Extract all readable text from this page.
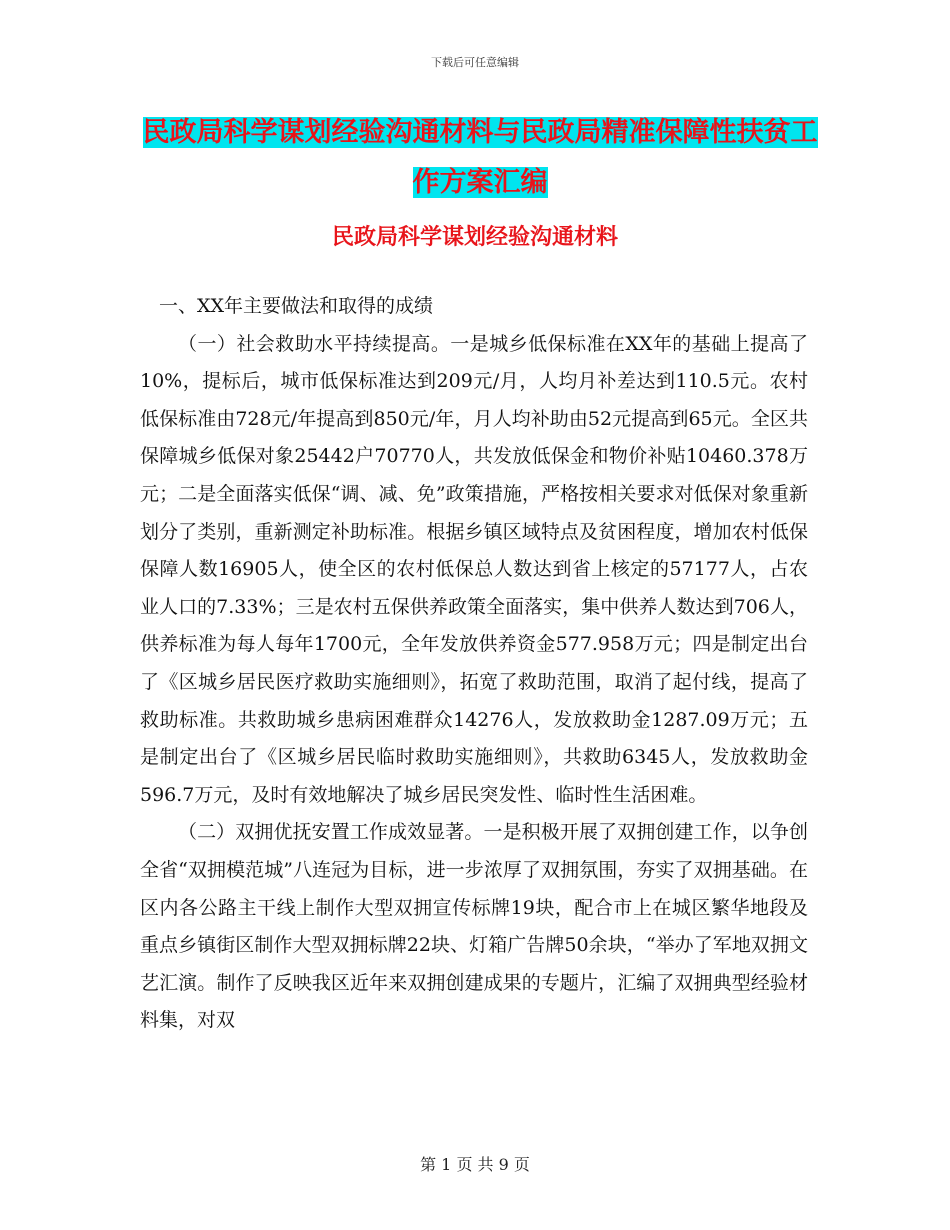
下载后可任意编辑
民政局科学谋划经验沟通材料与民政局精准保障性扶贫工作方案汇编
民政局科学谋划经验沟通材料

一、XX年主要做法和取得的成绩

（一）社会救助水平持续提高。一是城乡低保标准在XX年的基础上提高了10%，提标后，城市低保标准达到209元/月，人均月补差达到110.5元。农村低保标准由728元/年提高到850元/年，月人均补助由52元提高到65元。全区共保障城乡低保对象25442户70770人，共发放低保金和物价补贴10460.378万元；二是全面落实低保“调、减、免”政策措施，严格按相关要求对低保对象重新划分了类别，重新测定补助标准。根据乡镇区域特点及贫困程度，增加农村低保保障人数16905人，使全区的农村低保总人数达到省上核定的57177人，占农业人口的7.33%；三是农村五保供养政策全面落实，集中供养人数达到706人，供养标准为每人每年1700元，全年发放供养资金577.958万元；四是制定出台了《区城乡居民医疗救助实施细则》，拓宽了救助范围，取消了起付线，提高了救助标准。共救助城乡患病困难群众14276人，发放救助金1287.09万元；五是制定出台了《区城乡居民临时救助实施细则》，共救助6345人，发放救助金596.7万元，及时有效地解决了城乡居民突发性、临时性生活困难。

（二）双拥优抚安置工作成效显著。一是积极开展了双拥创建工作，以争创全省“双拥模范城”八连冠为目标，进一步浓厚了双拥氛围，夯实了双拥基础。在区内各公路主干线上制作大型双拥宣传标牌19块，配合市上在城区繁华地段及重点乡镇街区制作大型双拥标牌22块、灯箱广告牌50余块，“举办了军地双拥文艺汇演。制作了反映我区近年来双拥创建成果的专题片，汇编了双拥典型经验材料集，对双

第 1 页 共 9 页
